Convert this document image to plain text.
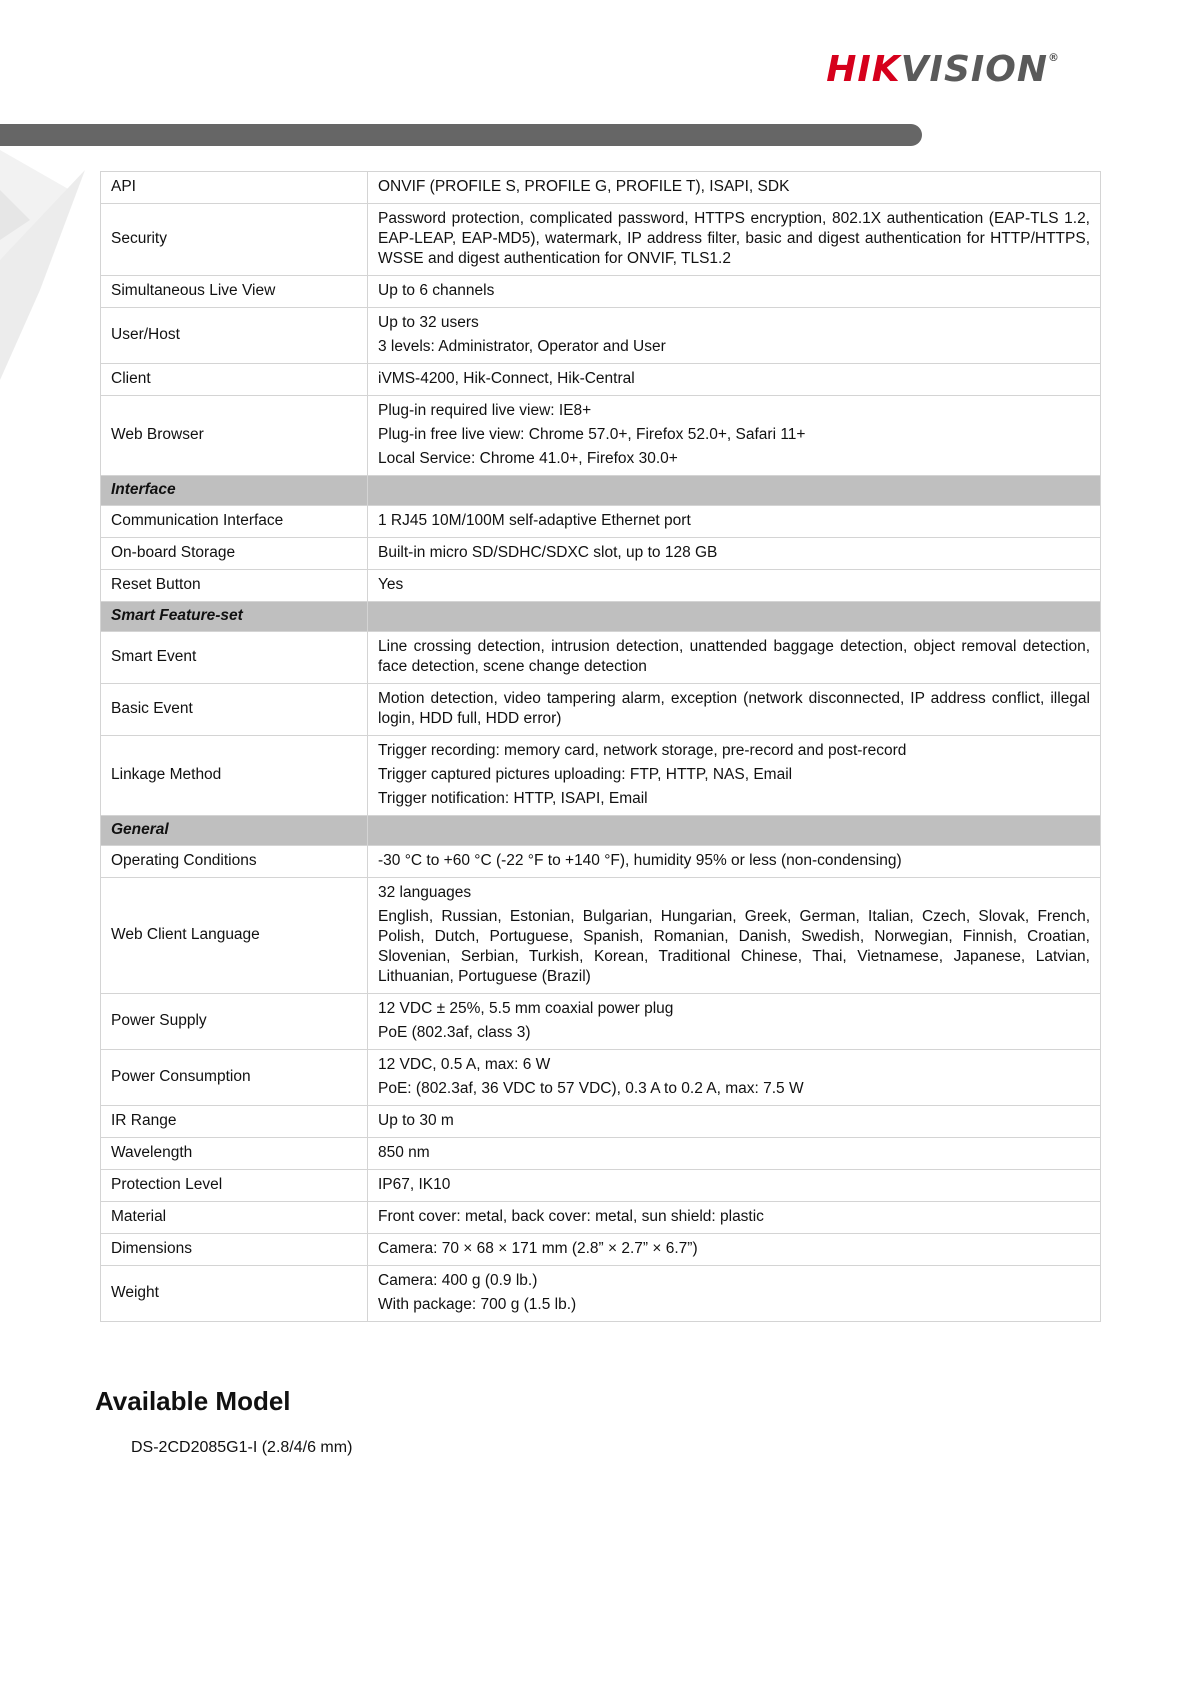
HIKVISION®
API	ONVIF (PROFILE S, PROFILE G, PROFILE T), ISAPI, SDK

Security	Password protection, complicated password, HTTPS encryption, 802.1X authentication (EAP-TLS 1.2, EAP-LEAP, EAP-MD5), watermark, IP address filter, basic and digest authentication for HTTP/HTTPS, WSSE and digest authentication for ONVIF, TLS1.2

Simultaneous Live View	Up to 6 channels

User/Host	Up to 32 users
3 levels: Administrator, Operator and User

Client	iVMS-4200, Hik-Connect, Hik-Central

Web Browser	Plug-in required live view: IE8+
Plug-in free live view: Chrome 57.0+, Firefox 52.0+, Safari 11+
Local Service: Chrome 41.0+, Firefox 30.0+

Interface	
Communication Interface	1 RJ45 10M/100M self-adaptive Ethernet port

On-board Storage	Built-in micro SD/SDHC/SDXC slot, up to 128 GB

Reset Button	Yes

Smart Feature-set	
Smart Event	Line crossing detection, intrusion detection, unattended baggage detection, object removal detection, face detection, scene change detection

Basic Event	Motion detection, video tampering alarm, exception (network disconnected, IP address conflict, illegal login, HDD full, HDD error)

Linkage Method	Trigger recording: memory card, network storage, pre-record and post-record
Trigger captured pictures uploading: FTP, HTTP, NAS, Email
Trigger notification: HTTP, ISAPI, Email

General	
Operating Conditions	-30 °C to +60 °C (-22 °F to +140 °F), humidity 95% or less (non-condensing)

Web Client Language	32 languages
English, Russian, Estonian, Bulgarian, Hungarian, Greek, German, Italian, Czech, Slovak, French, Polish, Dutch, Portuguese, Spanish, Romanian, Danish, Swedish, Norwegian, Finnish, Croatian, Slovenian, Serbian, Turkish, Korean, Traditional Chinese, Thai, Vietnamese, Japanese, Latvian, Lithuanian, Portuguese (Brazil)

Power Supply	12 VDC ± 25%, 5.5 mm coaxial power plug
PoE (802.3af, class 3)

Power Consumption	12 VDC, 0.5 A, max: 6 W
PoE: (802.3af, 36 VDC to 57 VDC), 0.3 A to 0.2 A, max: 7.5 W

IR Range	Up to 30 m

Wavelength	850 nm

Protection Level	IP67, IK10

Material	Front cover: metal, back cover: metal, sun shield: plastic

Dimensions	Camera: 70 × 68 × 171 mm (2.8” × 2.7” × 6.7”)

Weight	Camera: 400 g (0.9 lb.)
With package: 700 g (1.5 lb.)
Available Model
DS-2CD2085G1-I (2.8/4/6 mm)
